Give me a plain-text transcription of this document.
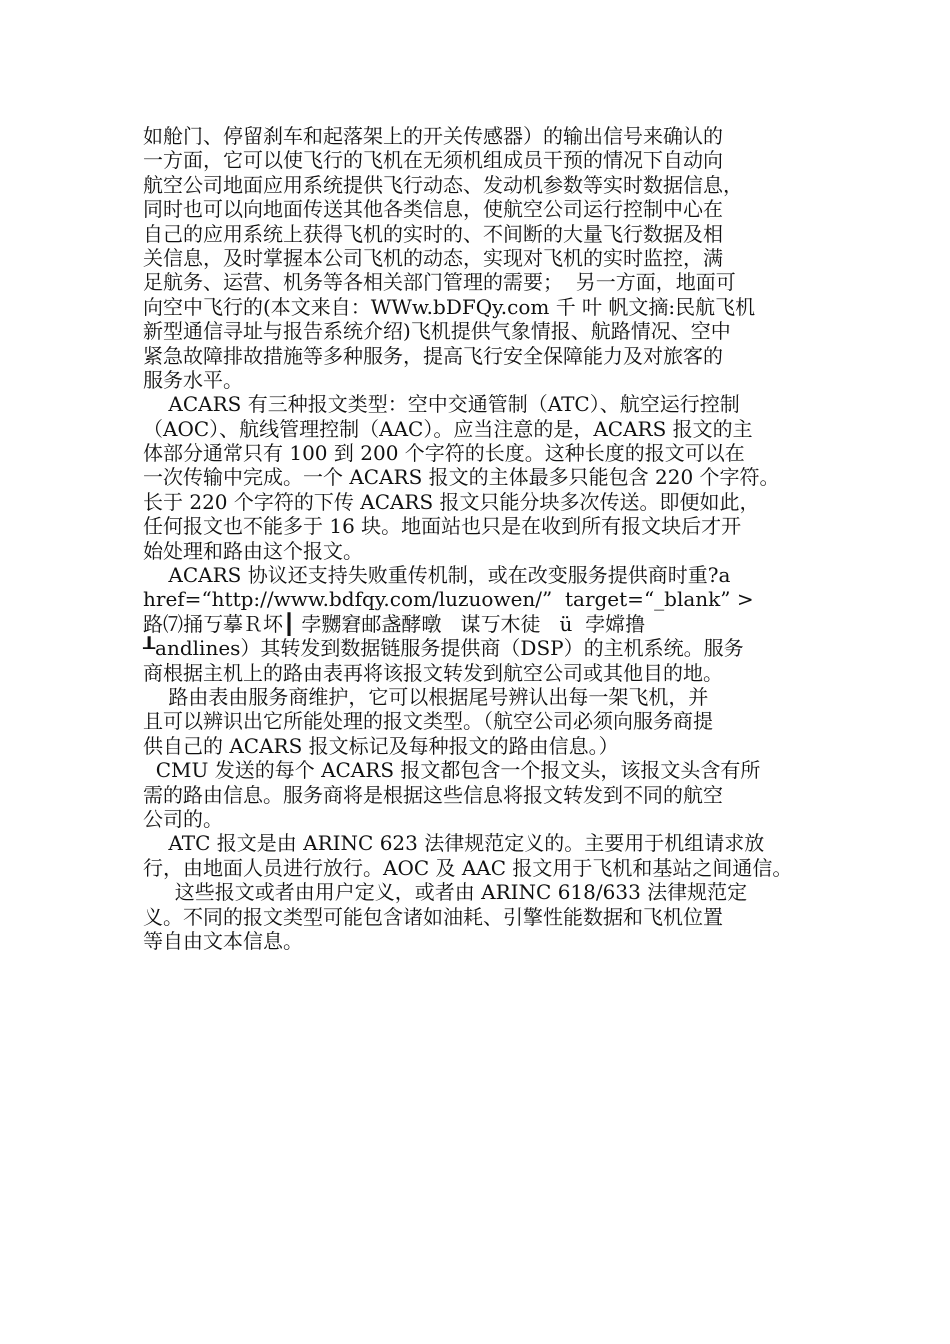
如舱门、停留刹车和起落架上的开关传感器）的输出信号来确认的
一方面，它可以使飞行的飞机在无须机组成员干预的情况下自动向
航空公司地面应用系统提供飞行动态、发动机参数等实时数据信息，
同时也可以向地面传送其他各类信息，使航空公司运行控制中心在
自己的应用系统上获得飞机的实时的、不间断的大量飞行数据及相
关信息，及时掌握本公司飞机的动态，实现对飞机的实时监控，满
足航务、运营、机务等各相关部门管理的需要；  另一方面，地面可
向空中飞行的(本文来自：WWw.bDFQy.com 千 叶 帆文摘:民航飞机
新型通信寻址与报告系统介绍)飞机提供气象情报、航路情况、空中
紧急故障排故措施等多种服务，提高飞行安全保障能力及对旅客的
服务水平。
ACARS 有三种报文类型：空中交通管制（ATC）、航空运行控制
（AOC）、航线管理控制（AAC）。应当注意的是，ACARS 报文的主
体部分通常只有 100 到 200 个字符的长度。这种长度的报文可以在
一次传输中完成。一个 ACARS 报文的主体最多只能包含 220 个字符。
长于 220 个字符的下传 ACARS 报文只能分块多次传送。即便如此，
任何报文也不能多于 16 块。地面站也只是在收到所有报文块后才开
始处理和路由这个报文。
ACARS 协议还支持失败重传机制，或在改变服务提供商时重?a
href=“http://www.bdfqy.com/luzuowen/”  target=“_blank” >
路⑺捅丂摹Ｒ坏┃ 孛嬲窘邮盏酵暾   谋丂木徒   ü  孛嫦撸
┸andlines）其转发到数据链服务提供商（DSP）的主机系统。服务
商根据主机上的路由表再将该报文转发到航空公司或其他目的地。
路由表由服务商维护，它可以根据尾号辨认出每一架飞机，并
且可以辨识出它所能处理的报文类型。（航空公司必须向服务商提
供自己的 ACARS 报文标记及每种报文的路由信息。）
CMU 发送的每个 ACARS 报文都包含一个报文头，该报文头含有所
需的路由信息。服务商将是根据这些信息将报文转发到不同的航空
公司的。
ATC 报文是由 ARINC 623 法律规范定义的。主要用于机组请求放
行，由地面人员进行放行。AOC 及 AAC 报文用于飞机和基站之间通信。
这些报文或者由用户定义，或者由 ARINC 618/633 法律规范定
义。不同的报文类型可能包含诸如油耗、引擎性能数据和飞机位置
等自由文本信息。
